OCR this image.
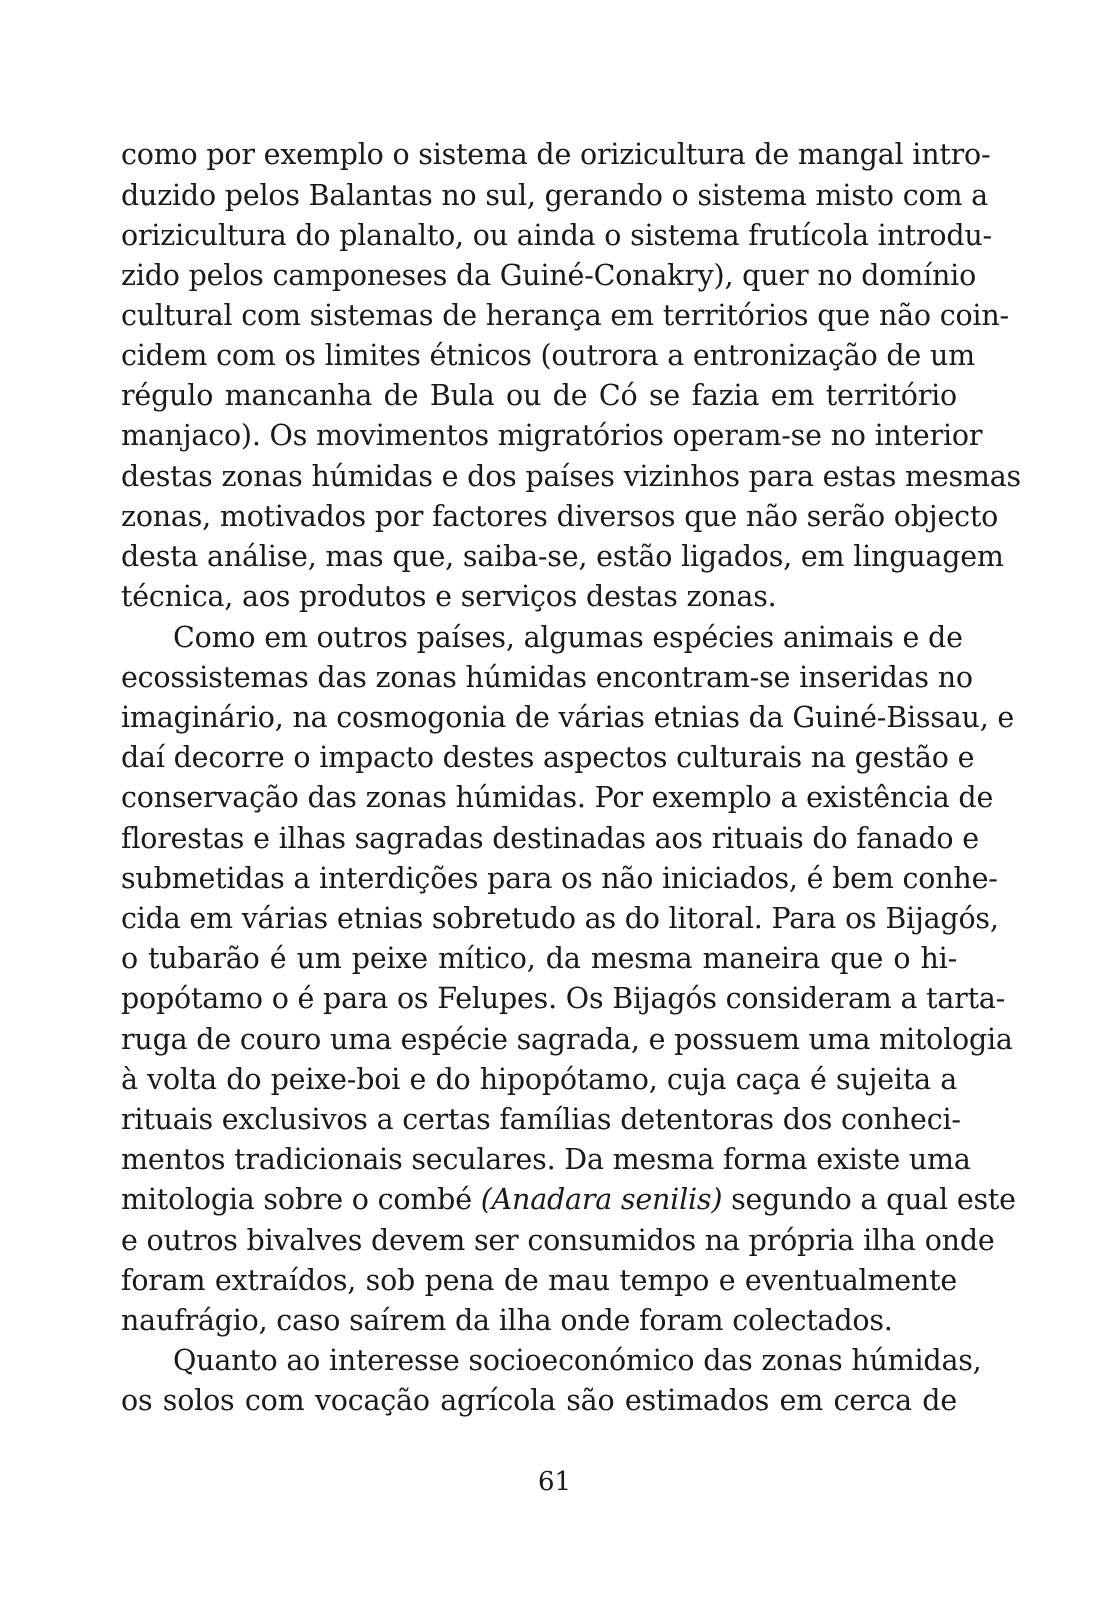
como por exemplo o sistema de orizicultura de mangal intro-
duzido pelos Balantas no sul, gerando o sistema misto com a
orizicultura do planalto, ou ainda o sistema frutícola introdu-
zido pelos camponeses da Guiné-Conakry), quer no domínio
cultural com sistemas de herança em territórios que não coin-
cidem com os limites étnicos (outrora a entronização de um
régulo mancanha de Bula ou de Có se fazia em território
manjaco). Os movimentos migratórios operam-se no interior
destas zonas húmidas e dos países vizinhos para estas mesmas
zonas, motivados por factores diversos que não serão objecto
desta análise, mas que, saiba-se, estão ligados, em linguagem
técnica, aos produtos e serviços destas zonas.
Como em outros países, algumas espécies animais e de
ecossistemas das zonas húmidas encontram-se inseridas no
imaginário, na cosmogonia de várias etnias da Guiné-Bissau, e
daí decorre o impacto destes aspectos culturais na gestão e
conservação das zonas húmidas. Por exemplo a existência de
florestas e ilhas sagradas destinadas aos rituais do fanado e
submetidas a interdições para os não iniciados, é bem conhe-
cida em várias etnias sobretudo as do litoral. Para os Bijagós,
o tubarão é um peixe mítico, da mesma maneira que o hi-
popótamo o é para os Felupes. Os Bijagós consideram a tarta-
ruga de couro uma espécie sagrada, e possuem uma mitologia
à volta do peixe-boi e do hipopótamo, cuja caça é sujeita a
rituais exclusivos a certas famílias detentoras dos conheci-
mentos tradicionais seculares. Da mesma forma existe uma
mitologia sobre o combé (Anadara senilis) segundo a qual este
e outros bivalves devem ser consumidos na própria ilha onde
foram extraídos, sob pena de mau tempo e eventualmente
naufrágio, caso saírem da ilha onde foram colectados.
Quanto ao interesse socioeconómico das zonas húmidas,
os solos com vocação agrícola são estimados em cerca de
61
